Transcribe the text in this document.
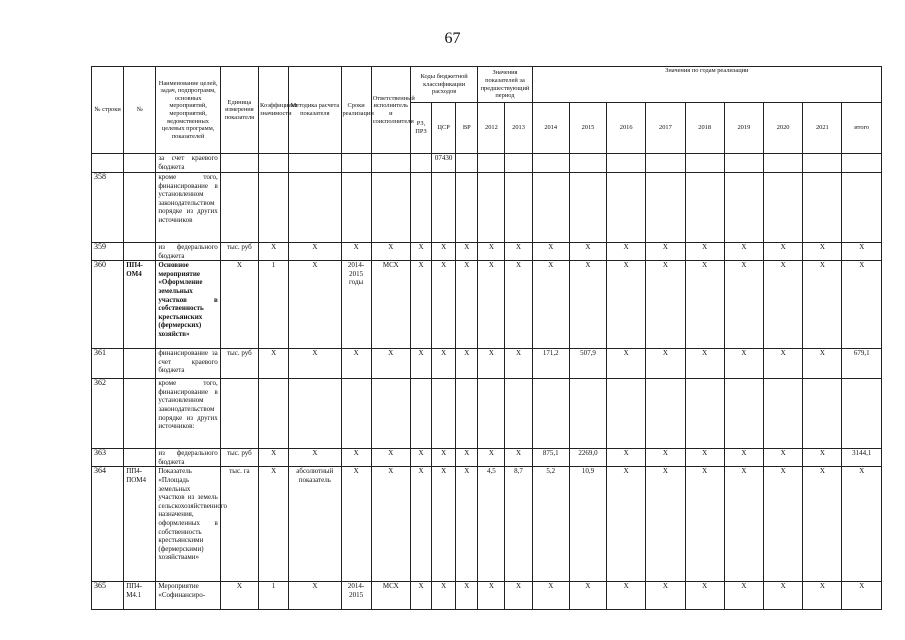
67
№ строки	№	Наименование целей, задач, подпрограмм, основных мероприятий, мероприятий, ведомственных целевых программ, показателей	Единица измерения показателя	Коэффициент значимости	Методика расчета показателя	Сроки реализации	Ответственный исполнитель и соисполнители	Коды бюджетной классификации расходов			Значения показателей за предшествующий период		Значения по годам реализации								
								РЗ, ПРЗ	ЦСР	ВР	2012	2013	2014	2015	2016	2017	2018	2019	2020	2021	итого
		за счет краевого бюджета							07430												
358		кроме того, финансирование в установленном законодательством порядке из других источников																			
359		из федерального бюджета	тыс. руб	X	X	X	X	X	X	X	X	X	X	X	X	X	X	X	X	X	X
360	ПП4-ОМ4	Основное мероприятие «Оформление земельных участков в собственность крестьянских (фермерских) хозяйств»	X	1	X	2014-2015 годы	МСХ	X	X	X	X	X	X	X	X	X	X	X	X	X	X
361		финансирование за счет краевого бюджета	тыс. руб	X	X	X	X	X	X	X	X	X	171,2	507,9	X	X	X	X	X	X	679,1
362		кроме того, финансирование в установленном законодательством порядке из других источников:																			
363		из федерального бюджета	тыс. руб	X	X	X	X	X	X	X	X	X	875,1	2269,0	X	X	X	X	X	X	3144,1
364	ПП4-ПОМ4	Показатель «Площадь земельных участков из земель сельскохозяйственного назначения, оформленных в собственность крестьянскими (фермерскими) хозяйствами»	тыс. га	X	абсолютный показатель	X	X	X	X	X	4,5	8,7	5,2	10,9	X	X	X	X	X	X	X
365	ПП4-М4.1	Мероприятие «Софинансиро-	X	1	X	2014-2015	МСХ	X	X	X	X	X	X	X	X	X	X	X	X	X	X
